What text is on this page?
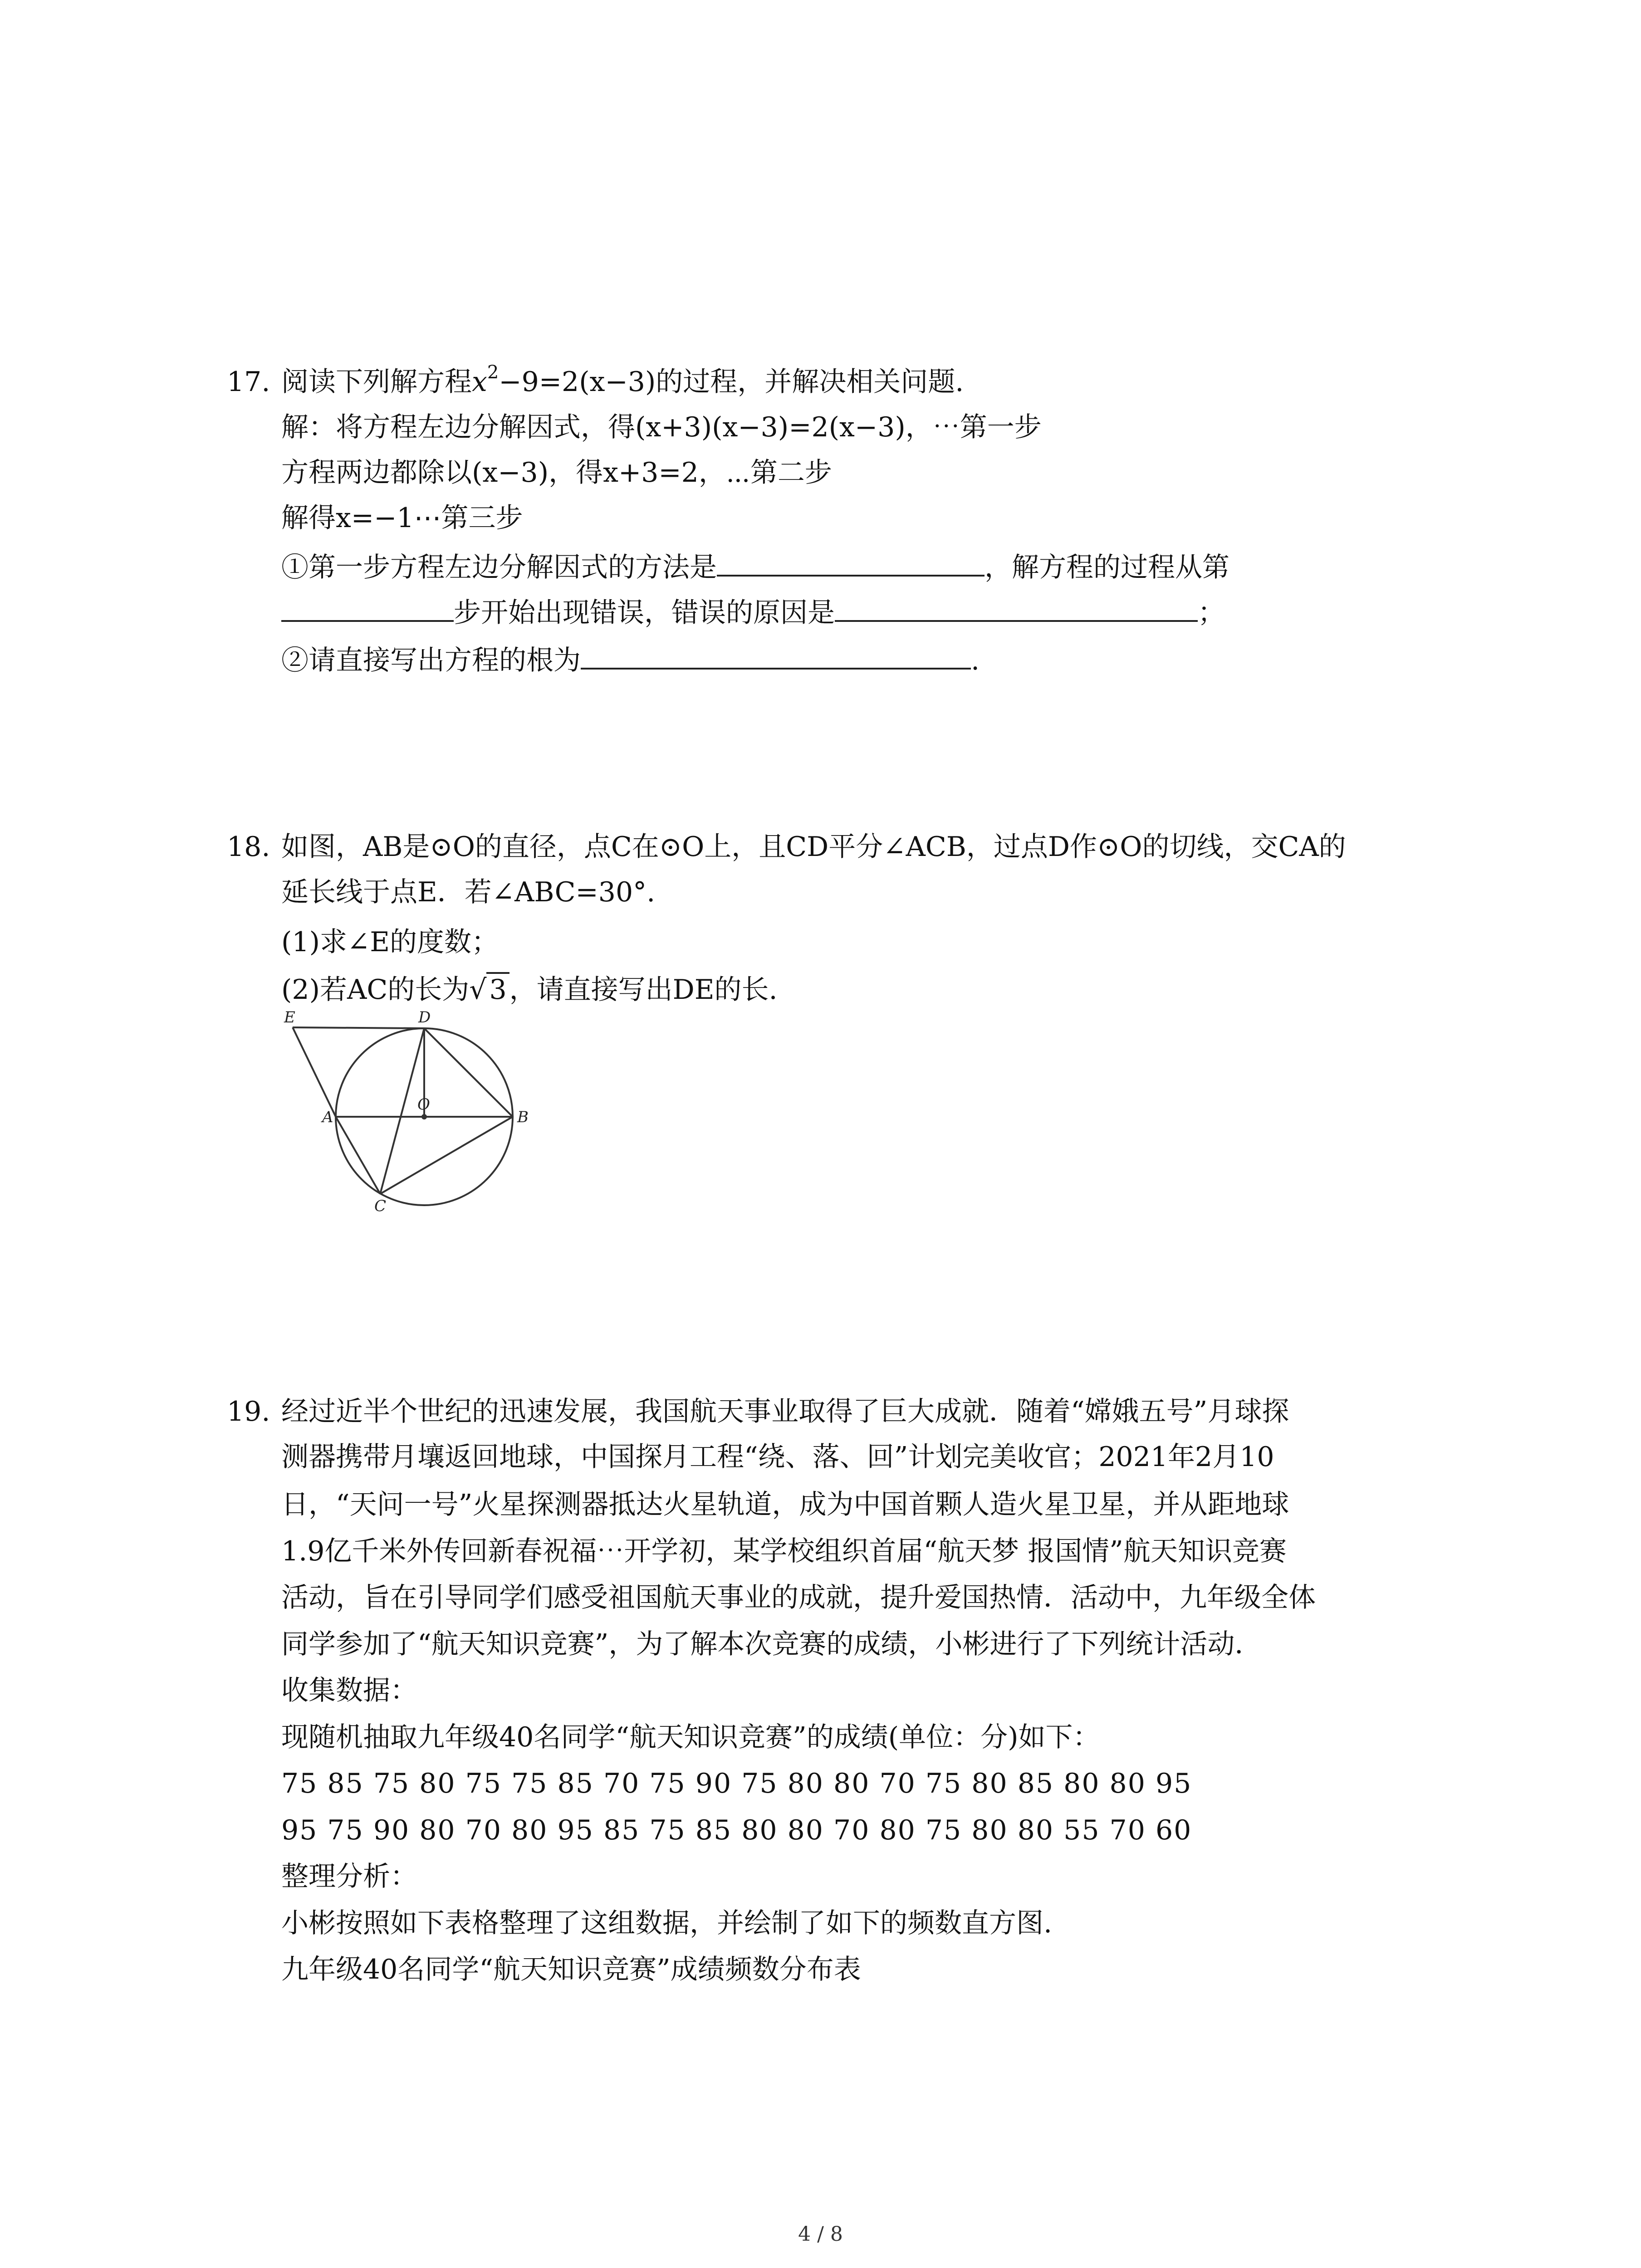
17. 阅读下列解方程$x^2-9=2(x-3)$的过程，并解决相关问题.
解：将方程左边分解因式，得(x+3)(x−3)=2(x−3)，⋯第一步
方程两边都除以(x−3)，得x+3=2，⋯第二步
解得x=−1⋯第三步
①第一步方程左边分解因式的方法是	，解方程的过程从第
步开始出现错误，错误的原因是	；
②请直接写出方程的根为	.
18. 如图，AB是⊙O的直径，点C在⊙O上，且CD平分∠ACB，过点D作⊙O的切线，交CA的
延长线于点E．若∠ABC=30°.
(1)求∠E的度数；
(2)若AC的长为√ 3 ，请直接写出DE的长.
E	D
A
O
B
C
19. 经过近半个世纪的迅速发展，我国航天事业取得了巨大成就．随着“嫦娥五号”月球探
测器携带月壤返回地球，中国探月工程“绕、落、回”计划完美收官；2021年2月10
日，“天问一号”火星探测器抵达火星轨道，成为中国首颗人造火星卫星，并从距地球
1.9亿千米外传回新春祝福⋯开学初，某学校组织首届“航天梦 报国情”航天知识竞赛
活动，旨在引导同学们感受祖国航天事业的成就，提升爱国热情．活动中，九年级全体
同学参加了“航天知识竞赛”，为了解本次竞赛的成绩，小彬进行了下列统计活动．
收集数据：
现随机抽取九年级40名同学“航天知识竞赛”的成绩(单位：分)如下：
75 85 75 80 75 75 85 70 75 90 75 80 80 70 75 80 85 80 80 95
95 75 90 80 70 80 95 85 75 85 80 80 70 80 75 80 80 55 70 60
整理分析：
小彬按照如下表格整理了这组数据，并绘制了如下的频数直方图.
九年级40名同学“航天知识竞赛”成绩频数分布表
4 / 8
